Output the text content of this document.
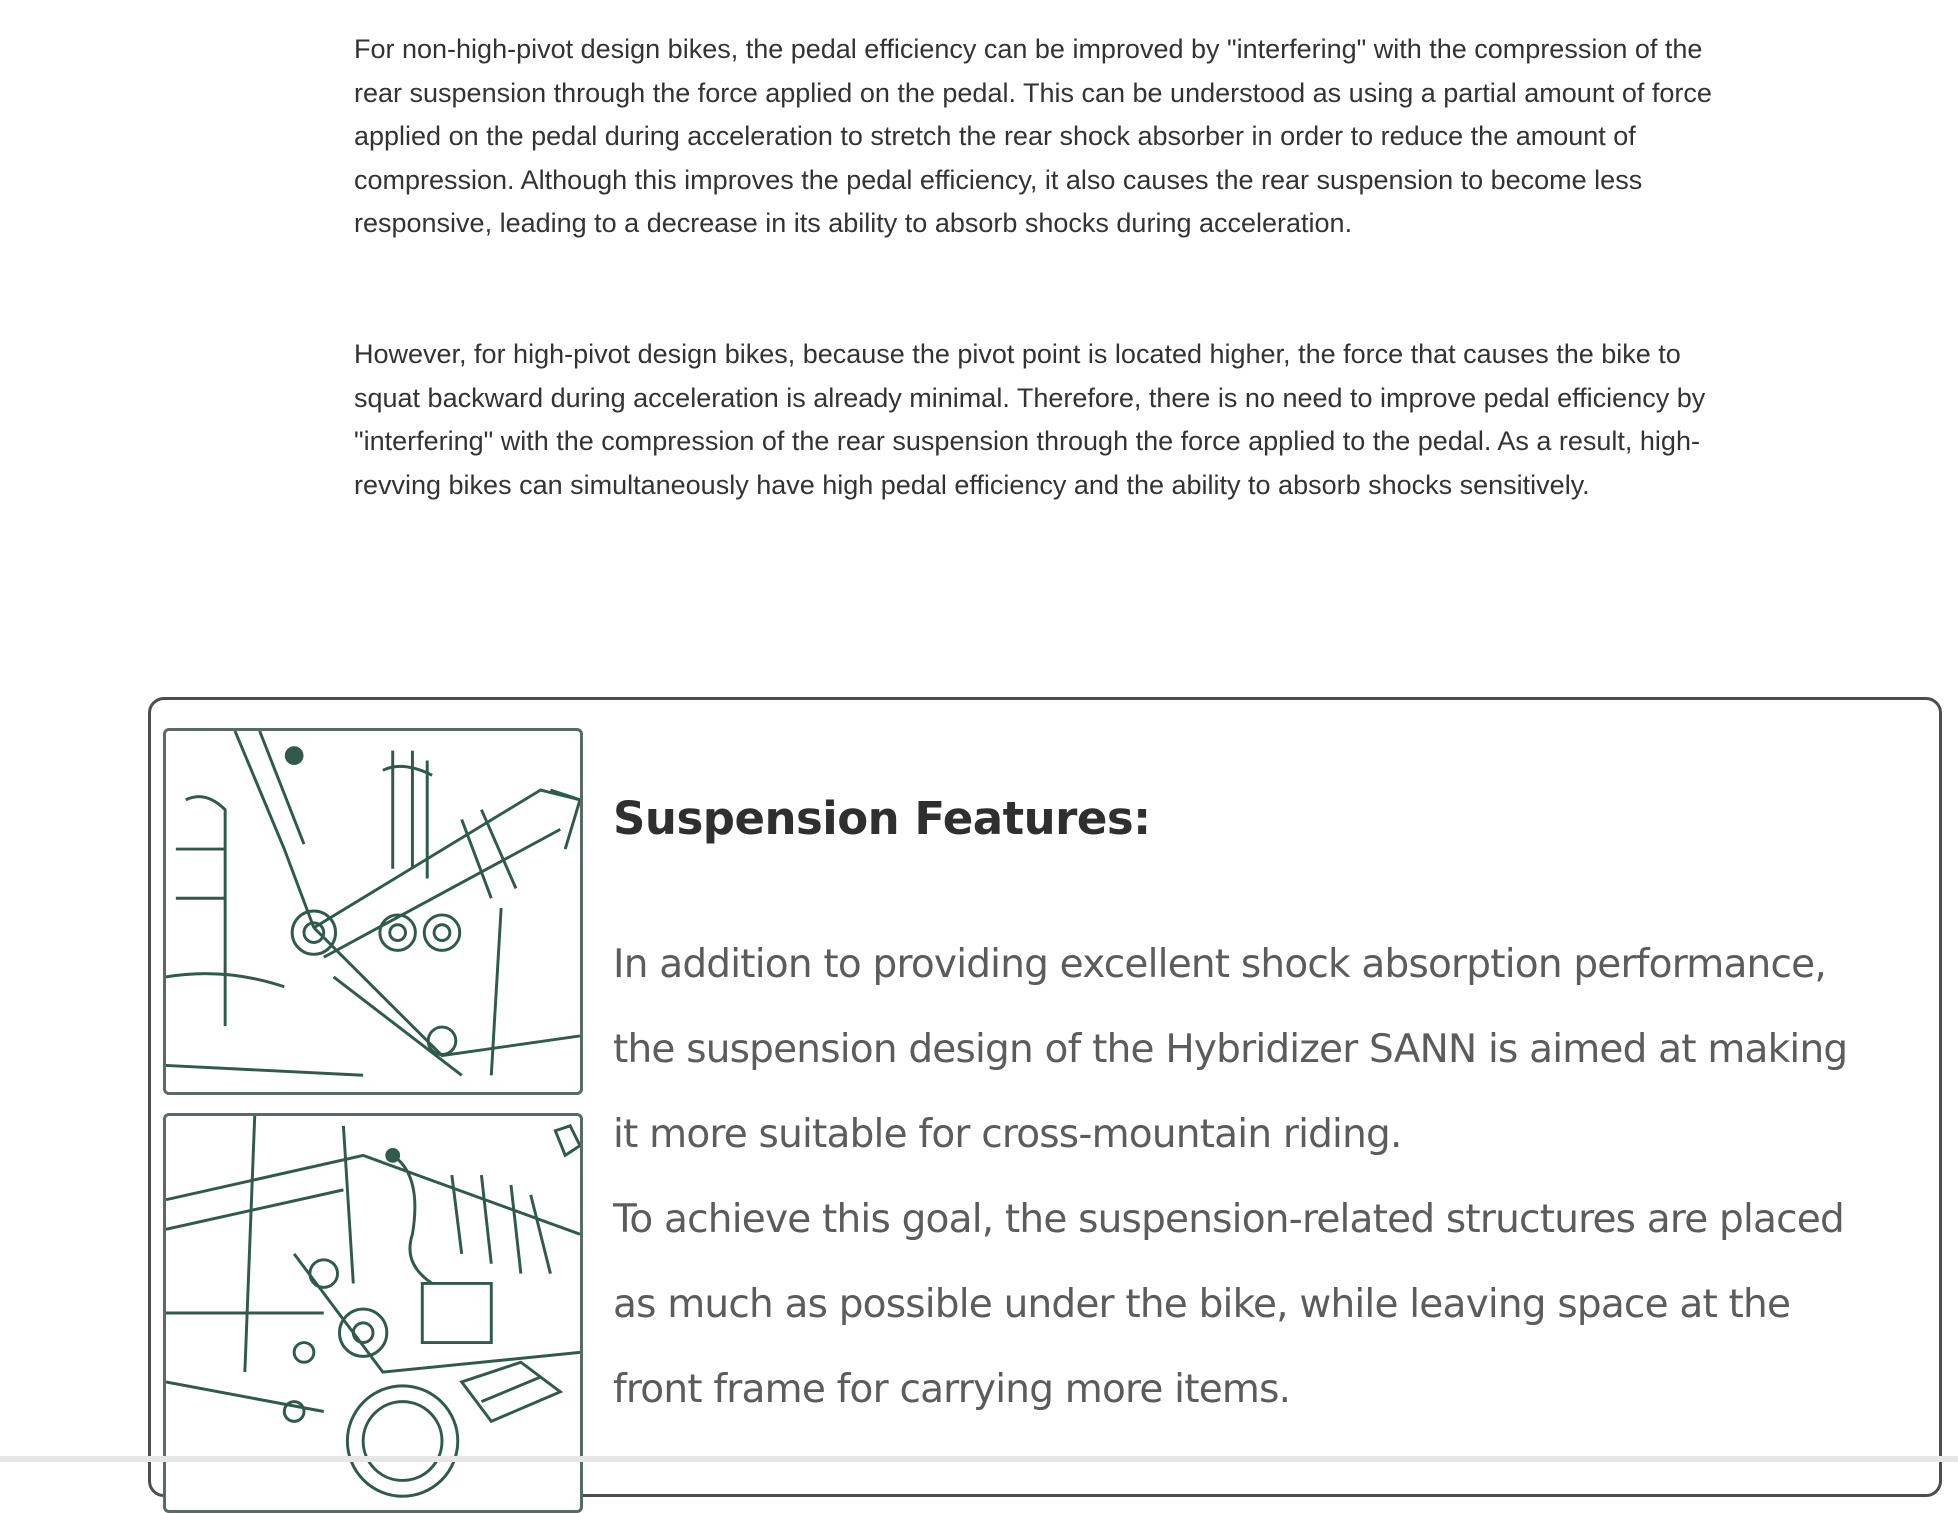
For non-high-pivot design bikes, the pedal efficiency can be improved by "interfering" with the compression of the rear suspension through the force applied on the pedal. This can be understood as using a partial amount of force applied on the pedal during acceleration to stretch the rear shock absorber in order to reduce the amount of compression. Although this improves the pedal efficiency, it also causes the rear suspension to become less responsive, leading to a decrease in its ability to absorb shocks during acceleration.

However, for high-pivot design bikes, because the pivot point is located higher, the force that causes the bike to squat backward during acceleration is already minimal. Therefore, there is no need to improve pedal efficiency by "interfering" with the compression of the rear suspension through the force applied to the pedal. As a result, high-revving bikes can simultaneously have high pedal efficiency and the ability to absorb shocks sensitively.

Suspension Features:
In addition to providing excellent shock absorption performance,
the suspension design of the Hybridizer SANN is aimed at making
it more suitable for cross-mountain riding.
To achieve this goal, the suspension-related structures are placed
as much as possible under the bike, while leaving space at the
front frame for carrying more items.
